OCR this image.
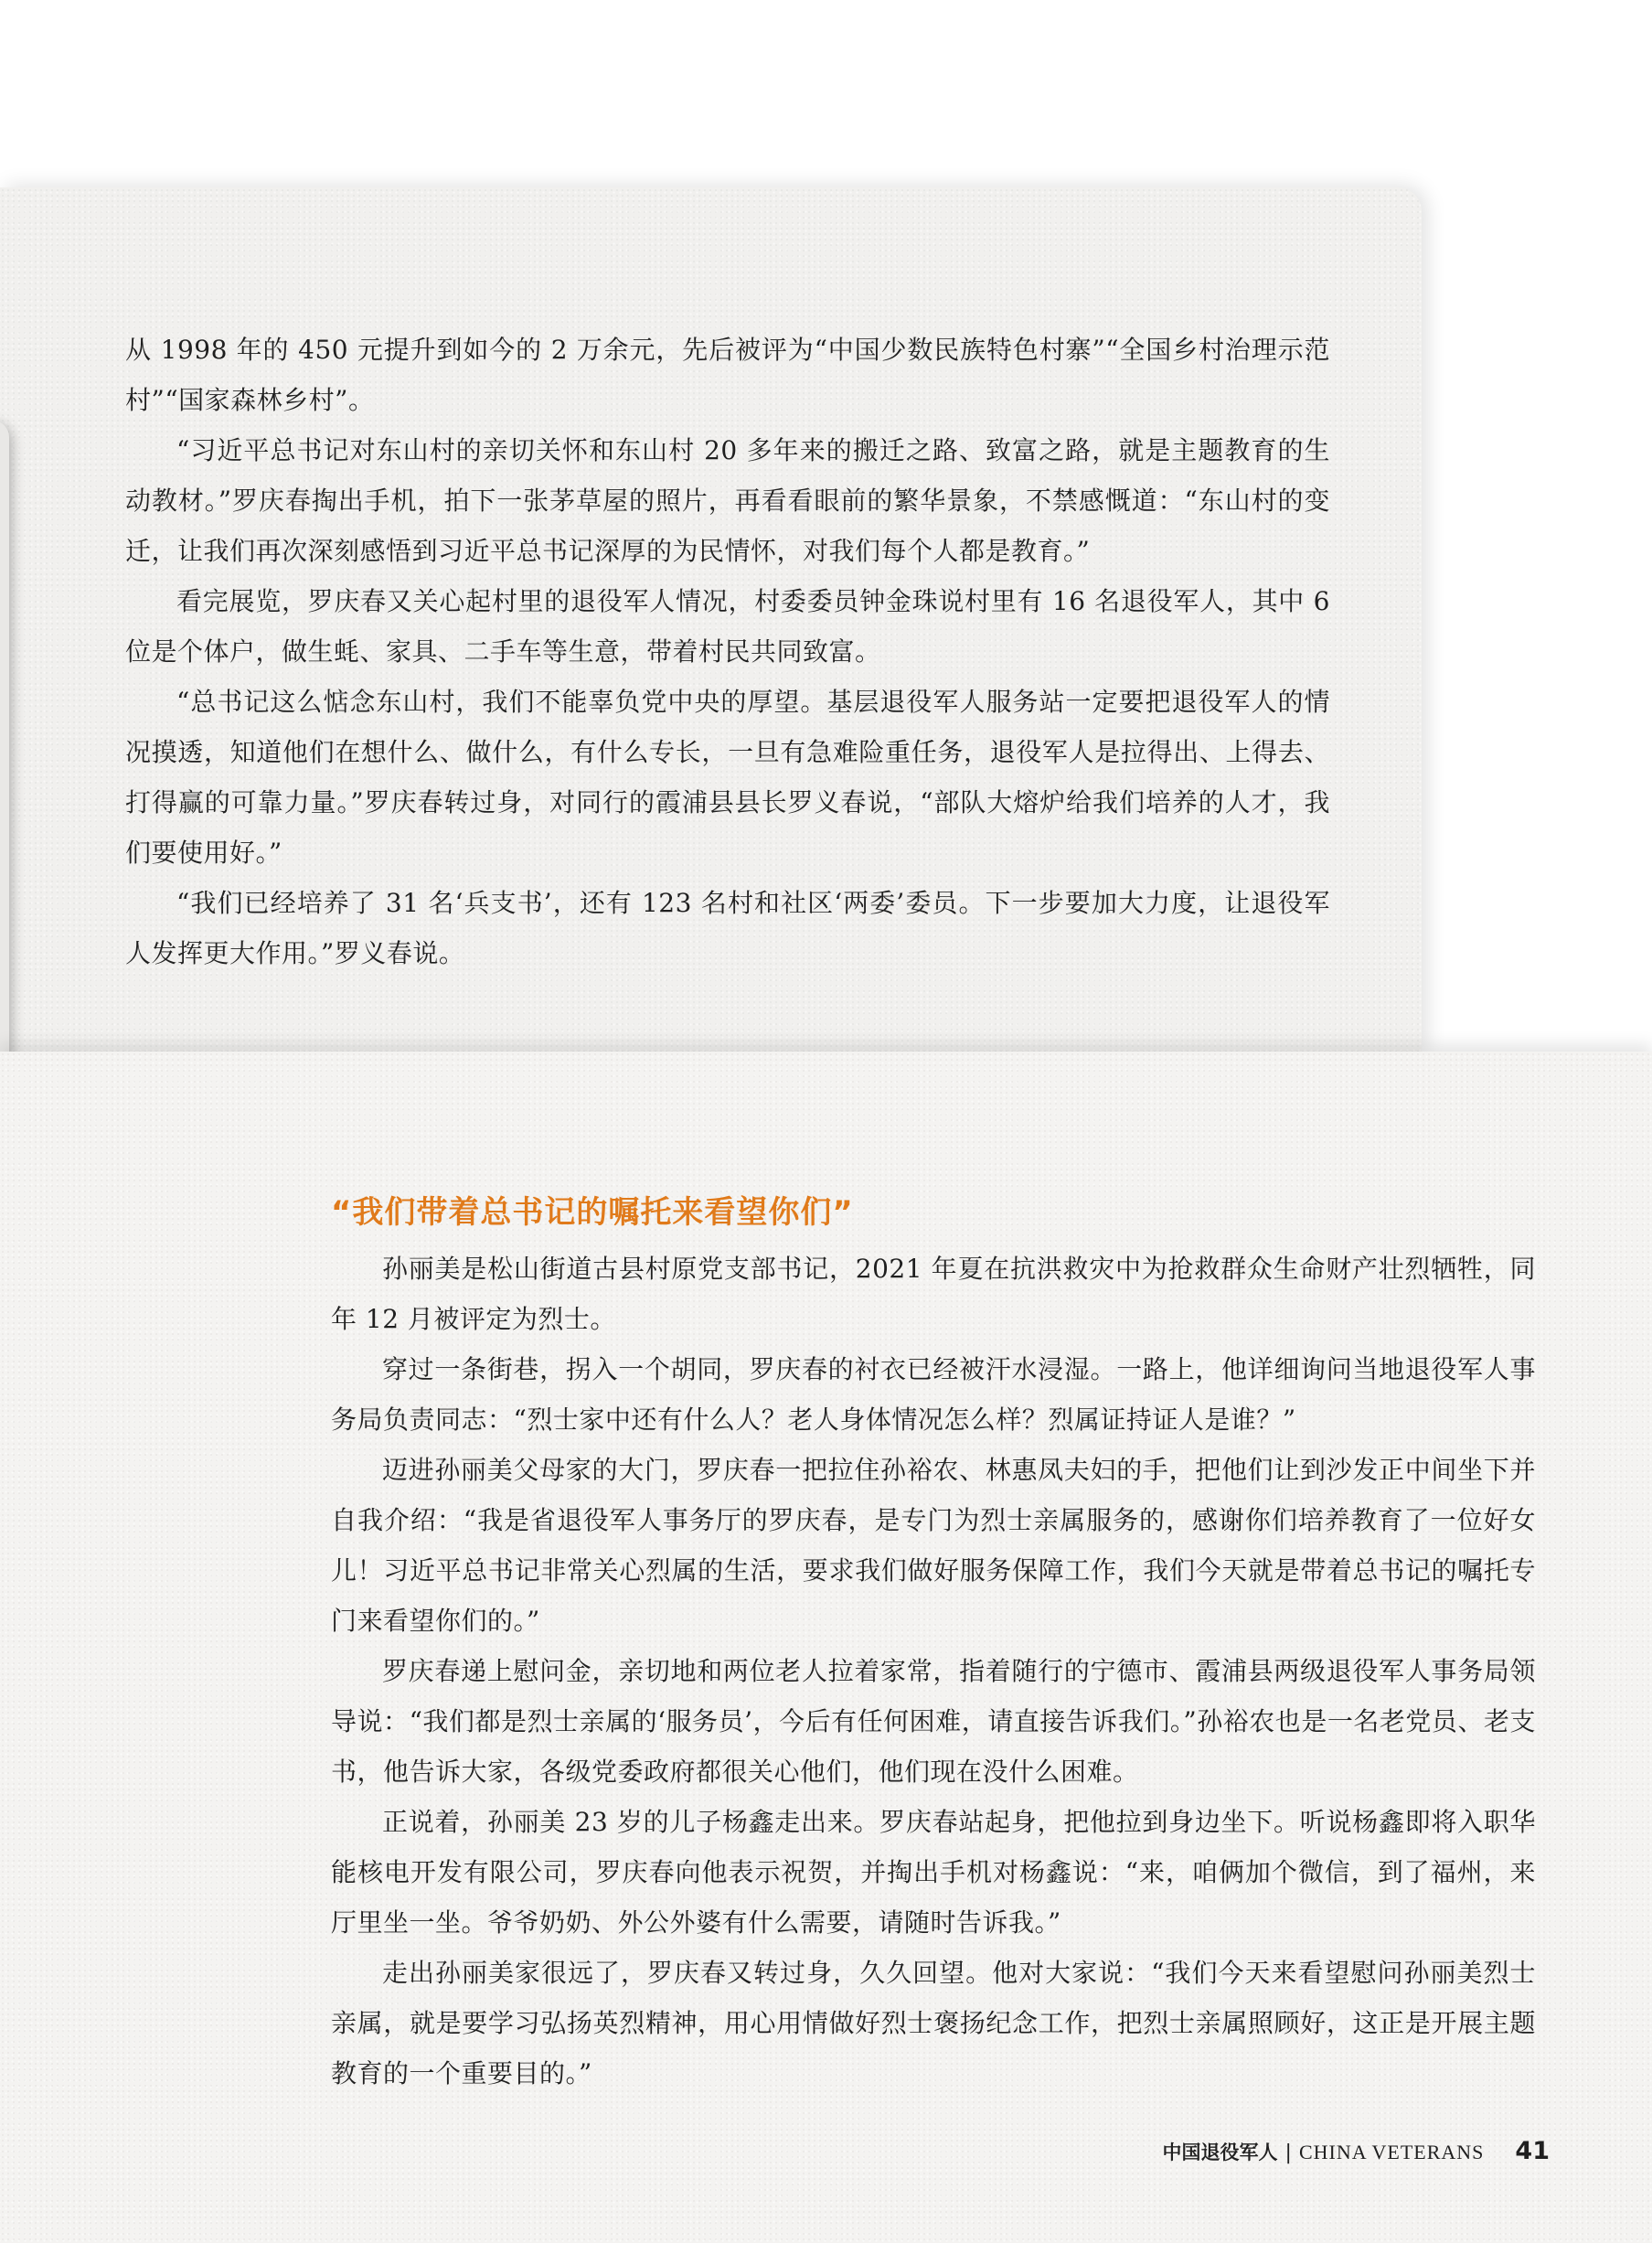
从 1998 年的 450 元提升到如今的 2 万余元，先后被评为“中国少数民族特色村寨”“全国乡村治理示范村”“国家森林乡村”。

“习近平总书记对东山村的亲切关怀和东山村 20 多年来的搬迁之路、致富之路，就是主题教育的生动教材。”罗庆春掏出手机，拍下一张茅草屋的照片，再看看眼前的繁华景象，不禁感慨道：“东山村的变迁，让我们再次深刻感悟到习近平总书记深厚的为民情怀，对我们每个人都是教育。”

看完展览，罗庆春又关心起村里的退役军人情况，村委委员钟金珠说村里有 16 名退役军人，其中 6 位是个体户，做生蚝、家具、二手车等生意，带着村民共同致富。

“总书记这么惦念东山村，我们不能辜负党中央的厚望。基层退役军人服务站一定要把退役军人的情况摸透，知道他们在想什么、做什么，有什么专长，一旦有急难险重任务，退役军人是拉得出、上得去、打得赢的可靠力量。”罗庆春转过身，对同行的霞浦县县长罗义春说，“部队大熔炉给我们培养的人才，我们要使用好。”

“我们已经培养了 31 名‘兵支书’，还有 123 名村和社区‘两委’委员。下一步要加大力度，让退役军人发挥更大作用。”罗义春说。

“我们带着总书记的嘱托来看望你们”

孙丽美是松山街道古县村原党支部书记，2021 年夏在抗洪救灾中为抢救群众生命财产壮烈牺牲，同年 12 月被评定为烈士。

穿过一条街巷，拐入一个胡同，罗庆春的衬衣已经被汗水浸湿。一路上，他详细询问当地退役军人事务局负责同志：“烈士家中还有什么人？老人身体情况怎么样？烈属证持证人是谁？”

迈进孙丽美父母家的大门，罗庆春一把拉住孙裕农、林惠凤夫妇的手，把他们让到沙发正中间坐下并自我介绍：“我是省退役军人事务厅的罗庆春，是专门为烈士亲属服务的，感谢你们培养教育了一位好女儿！习近平总书记非常关心烈属的生活，要求我们做好服务保障工作，我们今天就是带着总书记的嘱托专门来看望你们的。”

罗庆春递上慰问金，亲切地和两位老人拉着家常，指着随行的宁德市、霞浦县两级退役军人事务局领导说：“我们都是烈士亲属的‘服务员’，今后有任何困难，请直接告诉我们。”孙裕农也是一名老党员、老支书，他告诉大家，各级党委政府都很关心他们，他们现在没什么困难。

正说着，孙丽美 23 岁的儿子杨鑫走出来。罗庆春站起身，把他拉到身边坐下。听说杨鑫即将入职华能核电开发有限公司，罗庆春向他表示祝贺，并掏出手机对杨鑫说：“来，咱俩加个微信，到了福州，来厅里坐一坐。爷爷奶奶、外公外婆有什么需要，请随时告诉我。”

走出孙丽美家很远了，罗庆春又转过身，久久回望。他对大家说：“我们今天来看望慰问孙丽美烈士亲属，就是要学习弘扬英烈精神，用心用情做好烈士褒扬纪念工作，把烈士亲属照顾好，这正是开展主题教育的一个重要目的。”

中国退役军人 | CHINA VETERANS 41
